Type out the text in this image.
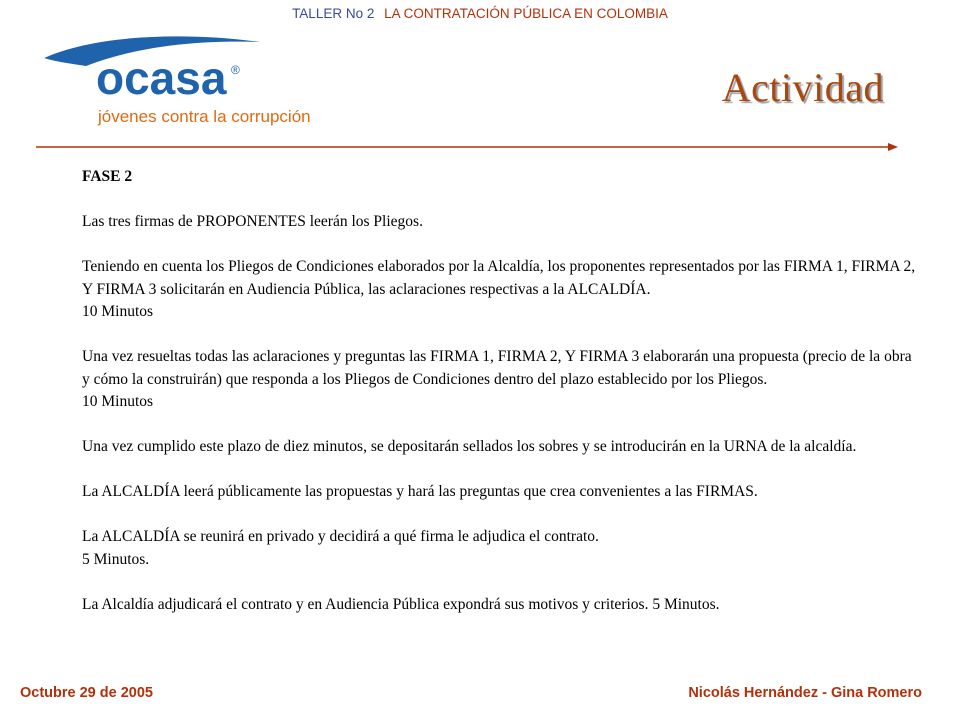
TALLER No 2 LA CONTRATACIÓN PÚBLICA EN COLOMBIA
ocasa ®
jóvenes contra la corrupción
Actividad

FASE 2

Las tres firmas de PROPONENTES leerán los Pliegos.

Teniendo en cuenta los Pliegos de Condiciones elaborados por la Alcaldía, los proponentes representados por las FIRMA 1, FIRMA 2, Y FIRMA 3 solicitarán en Audiencia Pública, las aclaraciones respectivas a la ALCALDÍA.

10 Minutos

Una vez resueltas todas las aclaraciones y preguntas las FIRMA 1, FIRMA 2, Y FIRMA 3 elaborarán una propuesta (precio de la obra y cómo la construirán) que responda a los Pliegos de Condiciones dentro del plazo establecido por los Pliegos.

10 Minutos

Una vez cumplido este plazo de diez minutos, se depositarán sellados los sobres y se introducirán en la URNA de la alcaldía.

La ALCALDÍA leerá públicamente las propuestas y hará las preguntas que crea convenientes a las FIRMAS.

La ALCALDÍA se reunirá en privado y decidirá a qué firma le adjudica el contrato.

5 Minutos.

La Alcaldía adjudicará el contrato y en Audiencia Pública expondrá sus motivos y criterios. 5 Minutos.

Octubre 29 de 2005	Nicolás Hernández - Gina Romero
